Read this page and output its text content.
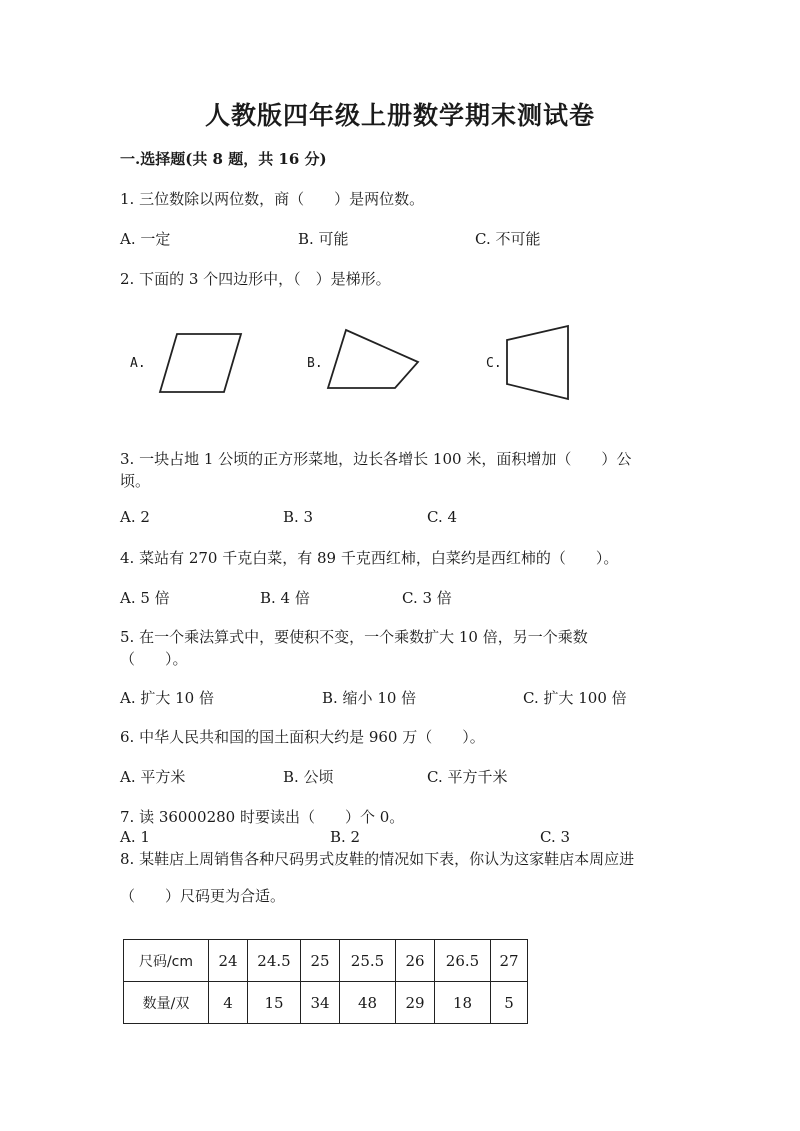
人教版四年级上册数学期末测试卷
一.选择题(共 8 题，共 16 分)
1. 三位数除以两位数，商（　　）是两位数。
A. 一定	B. 可能	C. 不可能
2. 下面的 3 个四边形中，（　）是梯形。
A.	B.	C.
3. 一块占地 1 公顷的正方形菜地，边长各增长 100 米，面积增加（　　）公
顷。
A. 2	B. 3	C. 4
4. 菜站有 270 千克白菜，有 89 千克西红柿，白菜约是西红柿的（　　）。
A. 5 倍	B. 4 倍	C. 3 倍
5. 在一个乘法算式中，要使积不变，一个乘数扩大 10 倍，另一个乘数
（　　）。
A. 扩大 10 倍	B. 缩小 10 倍	C. 扩大 100 倍
6. 中华人民共和国的国土面积大约是 960 万（　　）。
A. 平方米	B. 公顷	C. 平方千米
7. 读 36000280 时要读出（　　）个 0。
A. 1	B. 2	C. 3
8. 某鞋店上周销售各种尺码男式皮鞋的情况如下表，你认为这家鞋店本周应进
（　　）尺码更为合适。
尺码/cm	24	24.5	25	25.5	26	26.5	27
数量/双	4	15	34	48	29	18	5
